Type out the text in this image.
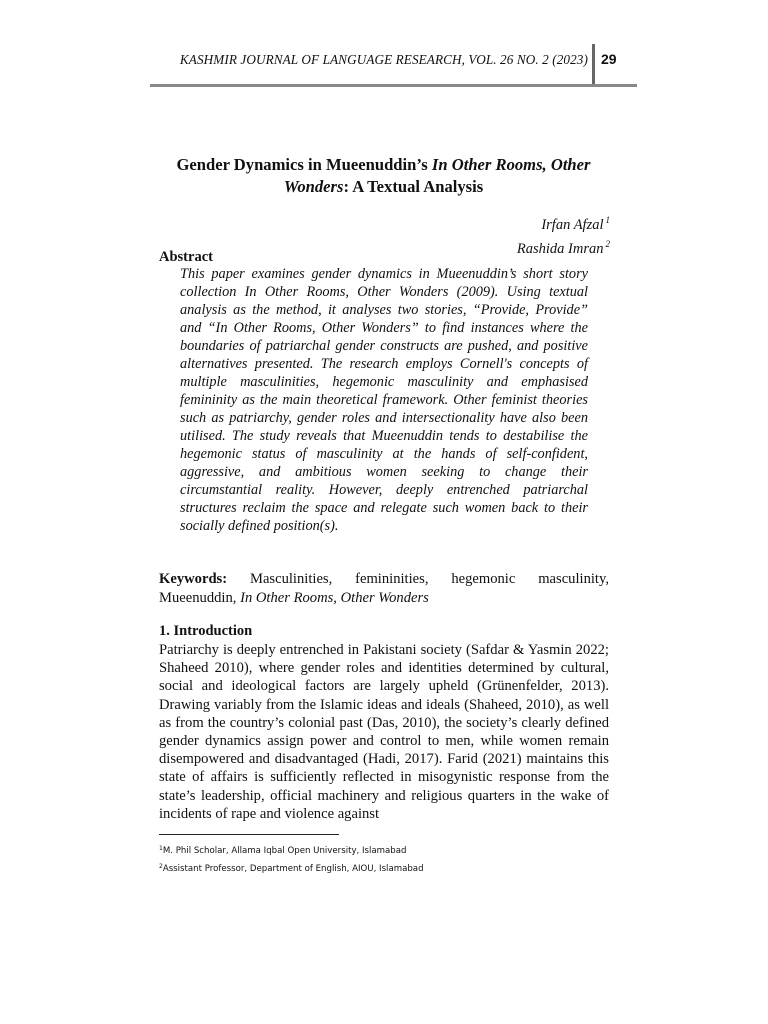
KASHMIR JOURNAL OF LANGUAGE RESEARCH, VOL. 26 NO. 2 (2023) 29
Gender Dynamics in Mueenuddin’s In Other Rooms, Other Wonders: A Textual Analysis
Irfan Afzal $^1$
Rashida Imran $^2$
Abstract
This paper examines gender dynamics in Mueenuddin’s short story collection In Other Rooms, Other Wonders (2009). Using textual analysis as the method, it analyses two stories, “Provide, Provide” and “In Other Rooms, Other Wonders” to find instances where the boundaries of patriarchal gender constructs are pushed, and positive alternatives presented. The research employs Cornell's concepts of multiple masculinities, hegemonic masculinity and emphasised femininity as the main theoretical framework. Other feminist theories such as patriarchy, gender roles and intersectionality have also been utilised. The study reveals that Mueenuddin tends to destabilise the hegemonic status of masculinity at the hands of self-confident, aggressive, and ambitious women seeking to change their circumstantial reality. However, deeply entrenched patriarchal structures reclaim the space and relegate such women back to their socially defined position(s).
Keywords: Masculinities, femininities, hegemonic masculinity, Mueenuddin, In Other Rooms, Other Wonders
1. Introduction
Patriarchy is deeply entrenched in Pakistani society (Safdar & Yasmin 2022; Shaheed 2010), where gender roles and identities determined by cultural, social and ideological factors are largely upheld (Grünenfelder, 2013). Drawing variably from the Islamic ideas and ideals (Shaheed, 2010), as well as from the country’s colonial past (Das, 2010), the society’s clearly defined gender dynamics assign power and control to men, while women remain disempowered and disadvantaged (Hadi, 2017). Farid (2021) maintains this state of affairs is sufficiently reflected in misogynistic response from the state’s leadership, official machinery and religious quarters in the wake of incidents of rape and violence against
$^1$M. Phil Scholar, Allama Iqbal Open University, Islamabad
$^2$Assistant Professor, Department of English, AIOU, Islamabad
